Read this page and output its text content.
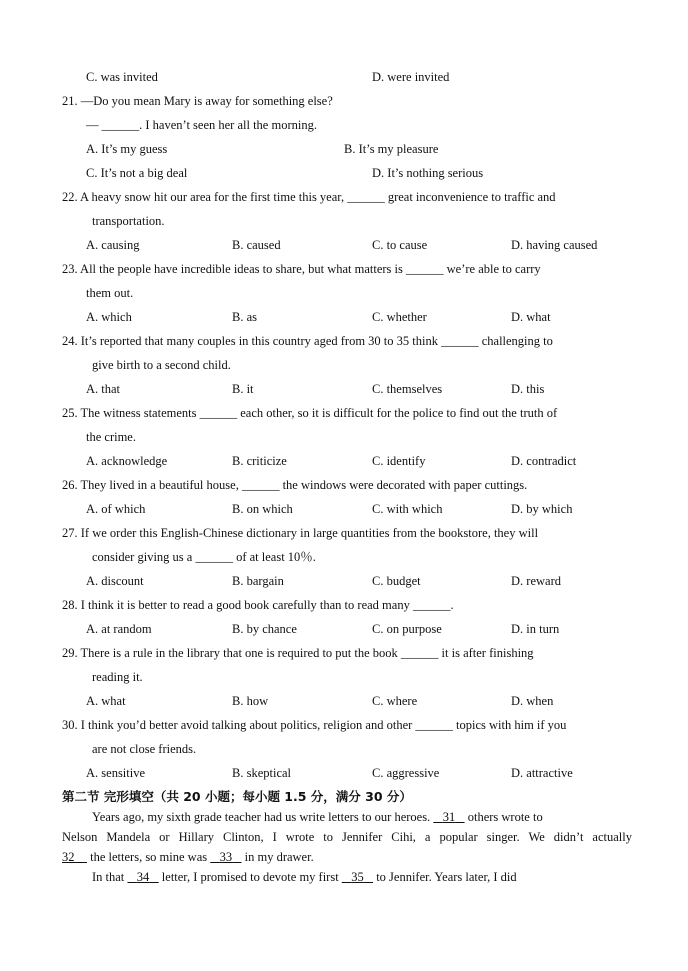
C. was invited	D. were invited
21. —Do you mean Mary is away for something else?
— ______. I haven’t seen her all the morning.
A. It’s my guess	B. It’s my pleasure
C. It’s not a big deal	D. It’s nothing serious
22. A heavy snow hit our area for the first time this year, ______ great inconvenience to traffic and
transportation.
A. causing	B. caused	C. to cause	D. having caused
23. All the people have incredible ideas to share, but what matters is ______ we’re able to carry
them out.
A. which	B. as	C. whether	D. what
24. It’s reported that many couples in this country aged from 30 to 35 think ______ challenging to
give birth to a second child.
A. that	B. it	C. themselves	D. this
25. The witness statements ______ each other, so it is difficult for the police to find out the truth of
the crime.
A. acknowledge	B. criticize	C. identify	D. contradict
26. They lived in a beautiful house, ______ the windows were decorated with paper cuttings.
A. of which	B. on which	C. with which	D. by which
27. If we order this English-Chinese dictionary in large quantities from the bookstore, they will
consider giving us a ______ of at least 10％.
A. discount	B. bargain	C. budget	D. reward
28. I think it is better to read a good book carefully than to read many ______.
A. at random	B. by chance	C. on purpose	D. in turn
29. There is a rule in the library that one is required to put the book ______ it is after finishing
reading it.
A. what	B. how	C. where	D. when
30. I think you’d better avoid talking about politics, religion and other ______ topics with him if you
are not close friends.
A. sensitive	B. skeptical	C. aggressive	D. attractive
第二节 完形填空（共 20 小题；每小题 1.5 分，满分 30 分）
Years ago, my sixth grade teacher had us write letters to our heroes. 31 others wrote to
Nelson Mandela or Hillary Clinton, I wrote to Jennifer Cihi, a popular singer. We didn’t actually
32 the letters, so mine was 33 in my drawer.
In that 34 letter, I promised to devote my first 35 to Jennifer. Years later, I did
